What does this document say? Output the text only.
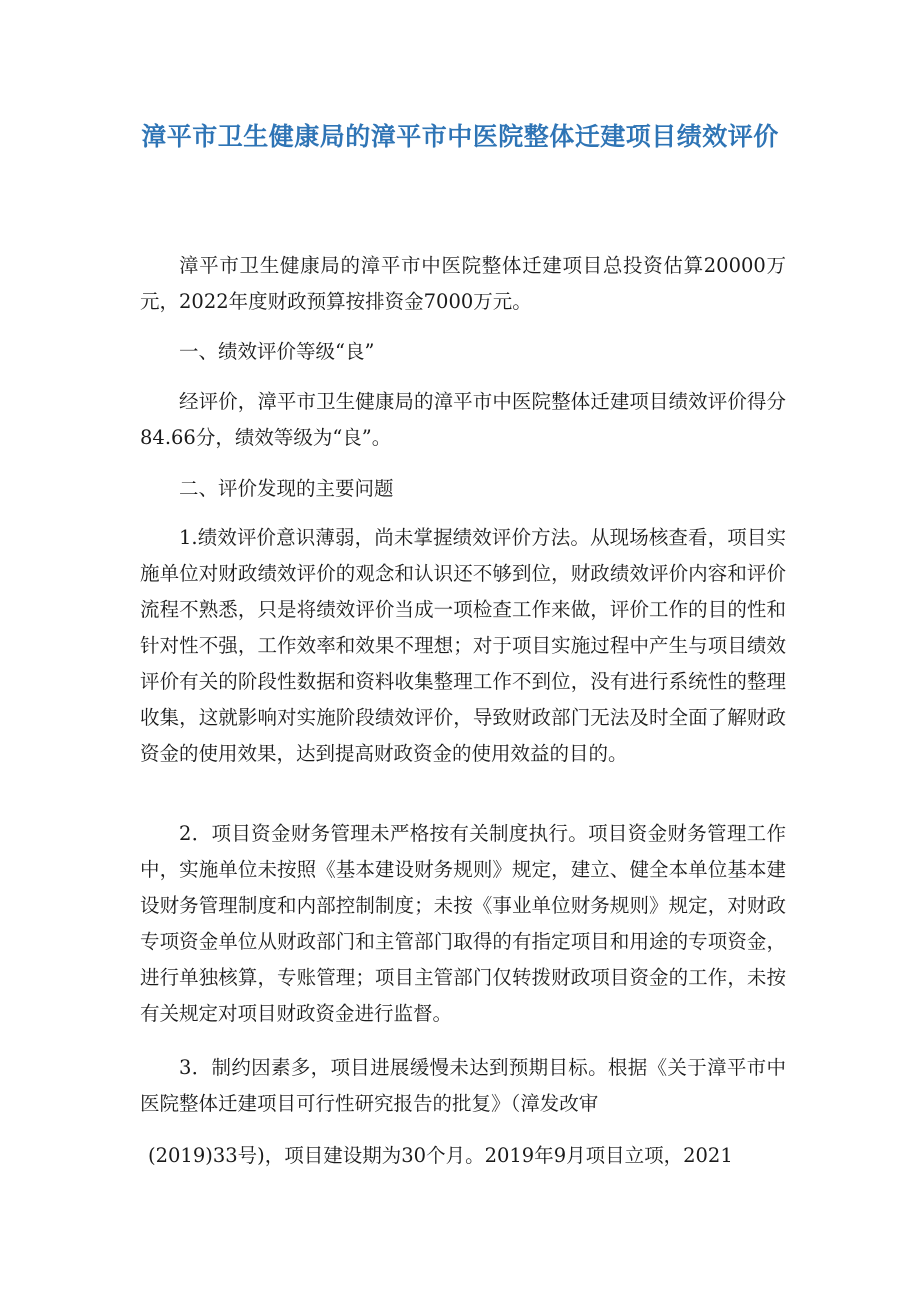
漳平市卫生健康局的漳平市中医院整体迁建项目绩效评价

漳平市卫生健康局的漳平市中医院整体迁建项目总投资估算20000万元，2022年度财政预算按排资金7000万元。

一、绩效评价等级“良”

经评价，漳平市卫生健康局的漳平市中医院整体迁建项目绩效评价得分84.66分，绩效等级为“良”。

二、评价发现的主要问题

1.绩效评价意识薄弱，尚未掌握绩效评价方法。从现场核查看，项目实施单位对财政绩效评价的观念和认识还不够到位，财政绩效评价内容和评价流程不熟悉，只是将绩效评价当成一项检查工作来做，评价工作的目的性和针对性不强，工作效率和效果不理想；对于项目实施过程中产生与项目绩效评价有关的阶段性数据和资料收集整理工作不到位，没有进行系统性的整理收集，这就影响对实施阶段绩效评价，导致财政部门无法及时全面了解财政资金的使用效果，达到提高财政资金的使用效益的目的。

2．项目资金财务管理未严格按有关制度执行。项目资金财务管理工作中，实施单位未按照《基本建设财务规则》规定，建立、健全本单位基本建设财务管理制度和内部控制制度；未按《事业单位财务规则》规定，对财政专项资金单位从财政部门和主管部门取得的有指定项目和用途的专项资金，进行单独核算，专账管理；项目主管部门仅转拨财政项目资金的工作，未按有关规定对项目财政资金进行监督。

3．制约因素多，项目进展缓慢未达到预期目标。根据《关于漳平市中医院整体迁建项目可行性研究报告的批复》（漳发改审

(2019)33号)，项目建设期为30个月。2019年9月项目立项，2021
